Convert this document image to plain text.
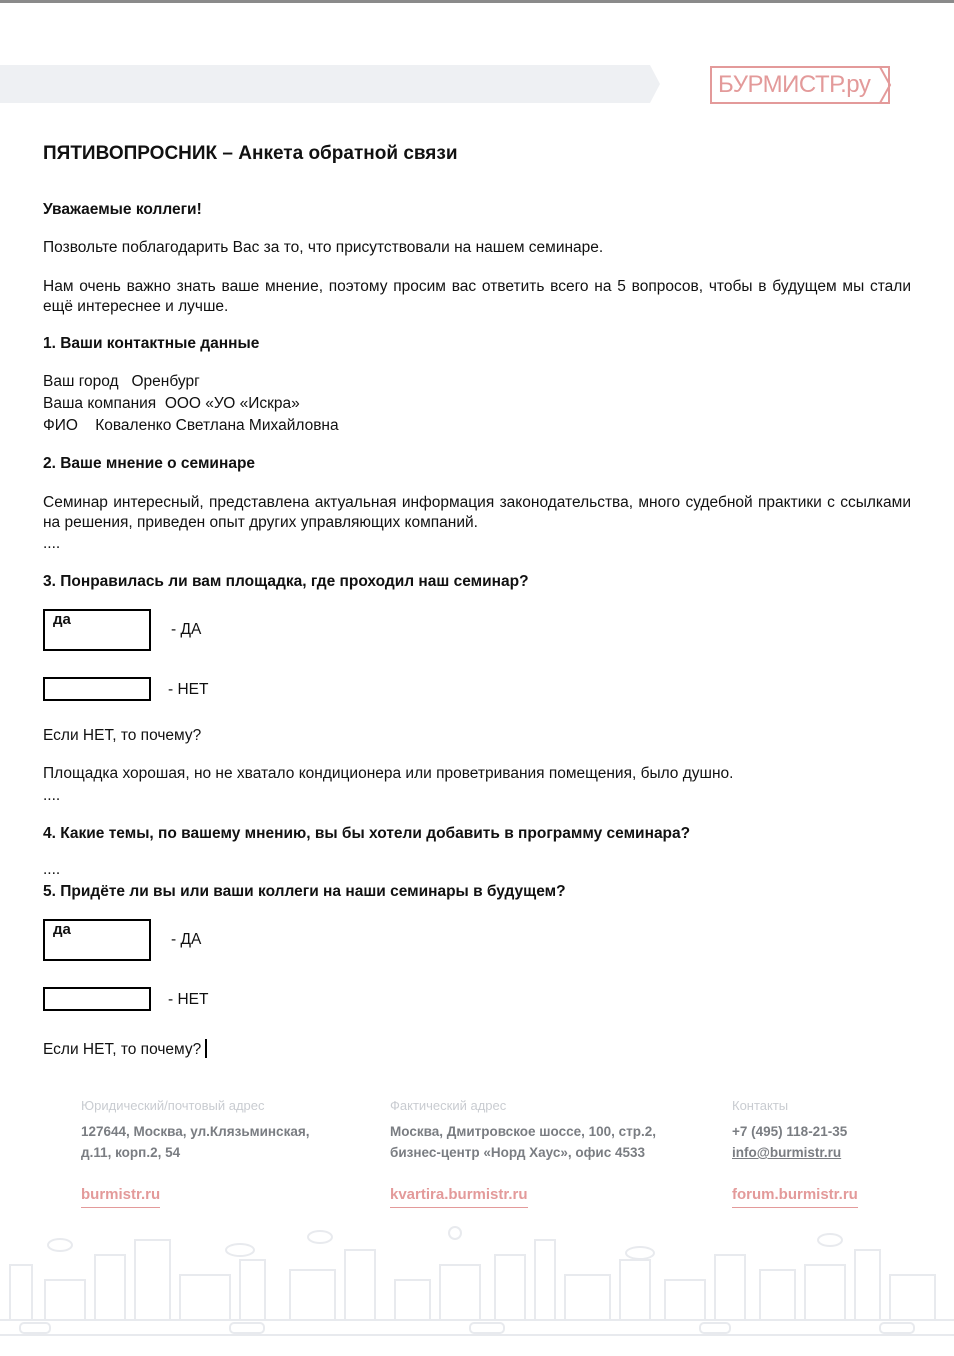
БУРМИСТР.ру
ПЯТИВОПРОСНИК – Анкета обратной связи
Уважаемые коллеги!
Позвольте поблагодарить Вас за то, что присутствовали на нашем семинаре.
Нам очень важно знать ваше мнение, поэтому просим вас ответить всего на 5 вопросов, чтобы в будущем мы стали ещё интереснее и лучше.
1. Ваши контактные данные
Ваш город Оренбург
Ваша компания ООО «УО «Искра»
ФИО Коваленко Светлана Михайловна
2. Ваше мнение о семинаре
Семинар интересный, представлена актуальная информация законодательства, много судебной практики с ссылками на решения, приведен опыт других управляющих компаний.
....
3. Понравилась ли вам площадка, где проходил наш семинар?
да
- ДА
- НЕТ
Если НЕТ, то почему?
Площадка хорошая, но не хватало кондиционера или проветривания помещения, было душно.
....
4. Какие темы, по вашему мнению, вы бы хотели добавить в программу семинара?
....
5. Придёте ли вы или ваши коллеги на наши семинары в будущем?
да
- ДА
- НЕТ
Если НЕТ, то почему?
Юридический/почтовый адрес
127644, Москва, ул.Клязьминская,
д.11, корп.2, 54
Фактический адрес
Москва, Дмитровское шоссе, 100, стр.2,
бизнес-центр «Норд Хаус», офис 4533
Контакты
+7 (495) 118-21-35
info@burmistr.ru
burmistr.ru	kvartira.burmistr.ru	forum.burmistr.ru
